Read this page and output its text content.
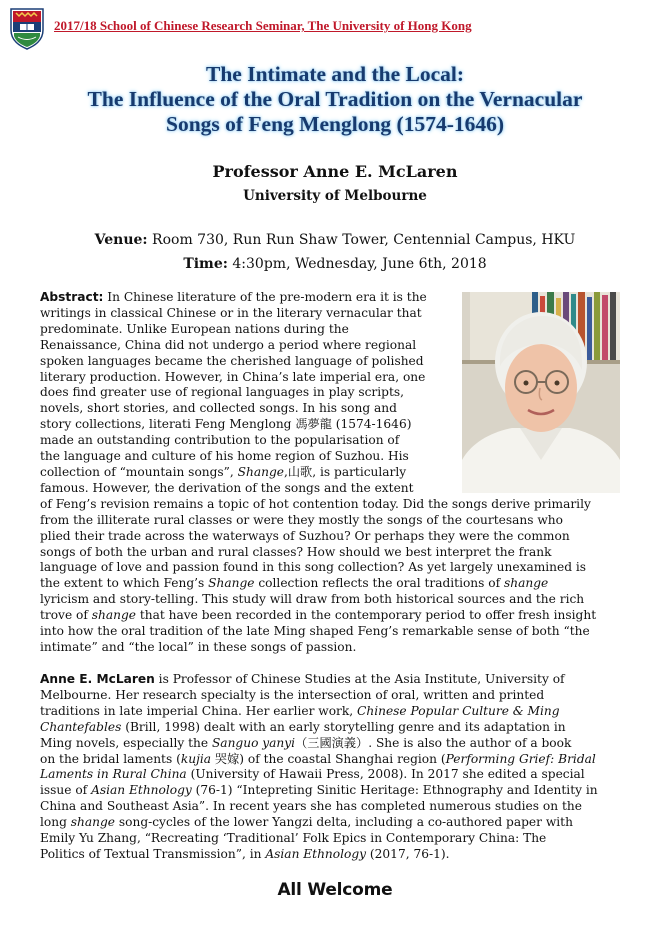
2017/18 School of Chinese Research Seminar, The University of Hong Kong
The Intimate and the Local:
The Influence of the Oral Tradition on the Vernacular
Songs of Feng Menglong (1574-1646)
Professor Anne E. McLaren
University of Melbourne
Venue: Room 730, Run Run Shaw Tower, Centennial Campus, HKU
Time: 4:30pm, Wednesday, June 6th, 2018
Abstract: In Chinese literature of the pre-modern era it is the
writings in classical Chinese or in the literary vernacular that
predominate. Unlike European nations during the
Renaissance, China did not undergo a period where regional
spoken languages became the cherished language of polished
literary production. However, in China’s late imperial era, one
does find greater use of regional languages in play scripts,
novels, short stories, and collected songs. In his song and
story collections, literati Feng Menglong 馮夢龍 (1574-1646)
made an outstanding contribution to the popularisation of
the language and culture of his home region of Suzhou. His
collection of “mountain songs”, Shange,山歌, is particularly
famous. However, the derivation of the songs and the extent
of Feng’s revision remains a topic of hot contention today. Did the songs derive primarily
from the illiterate rural classes or were they mostly the songs of the courtesans who
plied their trade across the waterways of Suzhou? Or perhaps they were the common
songs of both the urban and rural classes? How should we best interpret the frank
language of love and passion found in this song collection? As yet largely unexamined is
the extent to which Feng’s Shange collection reflects the oral traditions of shange
lyricism and story-telling. This study will draw from both historical sources and the rich
trove of shange that have been recorded in the contemporary period to offer fresh insight
into how the oral tradition of the late Ming shaped Feng’s remarkable sense of both “the
intimate” and “the local” in these songs of passion.
Anne E. McLaren is Professor of Chinese Studies at the Asia Institute, University of
Melbourne. Her research specialty is the intersection of oral, written and printed
traditions in late imperial China. Her earlier work, Chinese Popular Culture & Ming
Chantefables (Brill, 1998) dealt with an early storytelling genre and its adaptation in
Ming novels, especially the Sanguo yanyi（三國演義）. She is also the author of a book
on the bridal laments (kujia 哭嫁) of the coastal Shanghai region (Performing Grief: Bridal
Laments in Rural China (University of Hawaii Press, 2008). In 2017 she edited a special
issue of Asian Ethnology (76-1) “Intepreting Sinitic Heritage: Ethnography and Identity in
China and Southeast Asia”. In recent years she has completed numerous studies on the
long shange song-cycles of the lower Yangzi delta, including a co-authored paper with
Emily Yu Zhang, “Recreating ‘Traditional’ Folk Epics in Contemporary China: The
Politics of Textual Transmission”, in Asian Ethnology (2017, 76-1).
All Welcome
